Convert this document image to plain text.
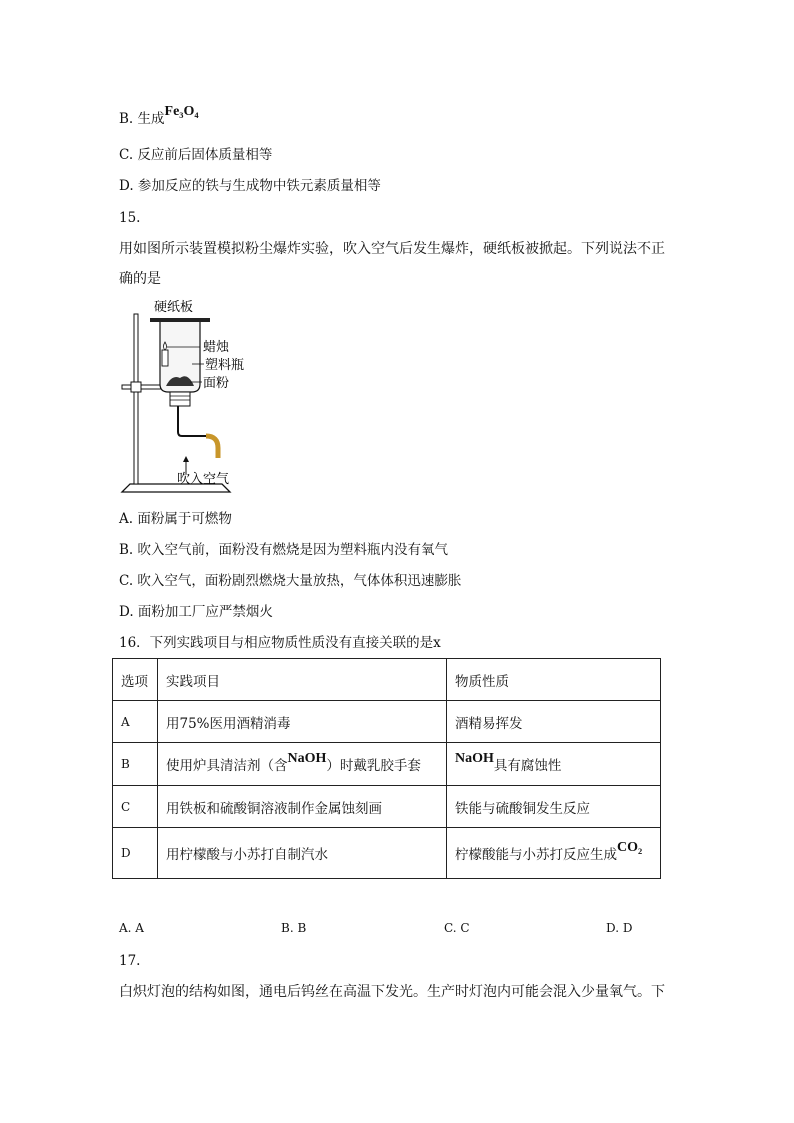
B. 生成Fe₃O₄
C. 反应前后固体质量相等
D. 参加反应的铁与生成物中铁元素质量相等
15.
用如图所示装置模拟粉尘爆炸实验，吹入空气后发生爆炸，硬纸板被掀起。下列说法不正
确的是
硬纸板
蜡烛
塑料瓶
面粉
吹入空气
A. 面粉属于可燃物
B. 吹入空气前，面粉没有燃烧是因为塑料瓶内没有氧气
C. 吹入空气，面粉剧烈燃烧大量放热，气体体积迅速膨胀
D. 面粉加工厂应严禁烟火
16．下列实践项目与相应物质性质没有直接关联的是x
选项	实践项目	物质性质
A	用75%医用酒精消毒	酒精易挥发
B	使用炉具清洁剂（含NaOH）时戴乳胶手套	NaOH具有腐蚀性
C	用铁板和硫酸铜溶液制作金属蚀刻画	铁能与硫酸铜发生反应
D	用柠檬酸与小苏打自制汽水	柠檬酸能与小苏打反应生成CO₂
A. A	B. B	C. C	D. D
17.
白炽灯泡的结构如图，通电后钨丝在高温下发光。生产时灯泡内可能会混入少量氧气。下
